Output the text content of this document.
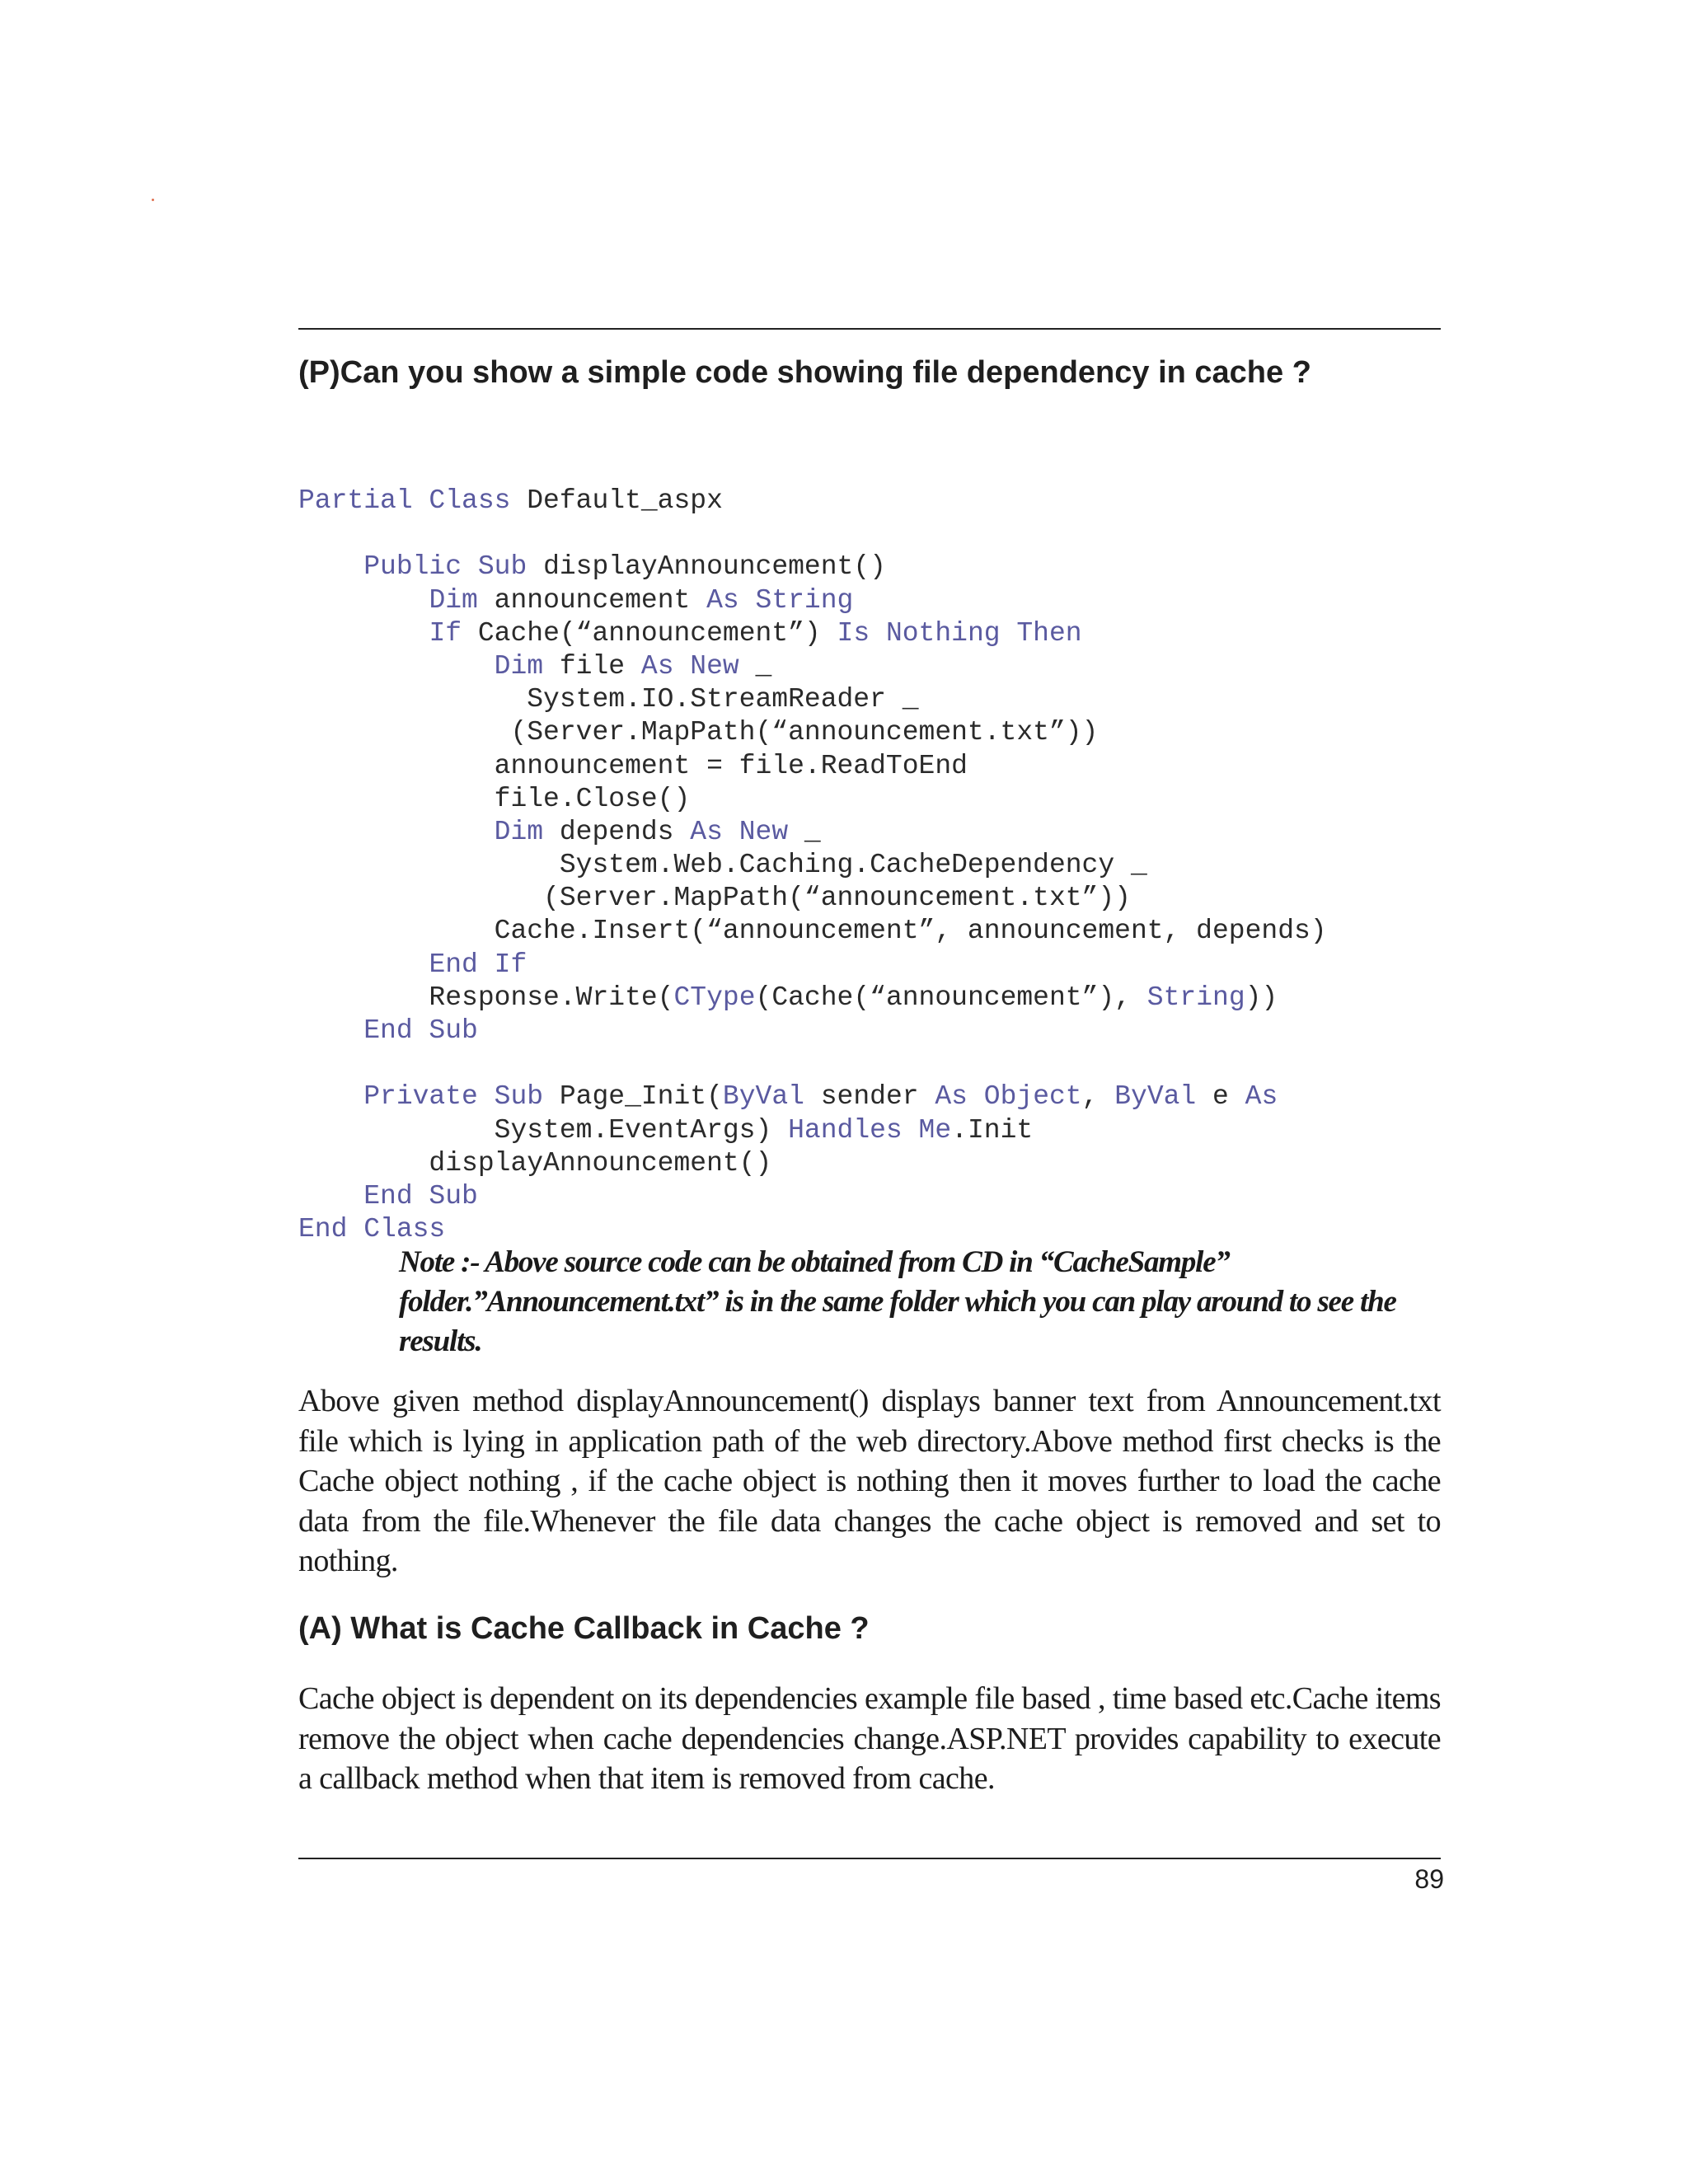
(P)Can you show a simple code showing file dependency in cache ?
Partial Class Default_aspx
Public Sub displayAnnouncement()
Dim announcement As String
If Cache(“announcement”) Is Nothing Then
Dim file As New _
System.IO.StreamReader _
(Server.MapPath(“announcement.txt”))
announcement = file.ReadToEnd
file.Close()
Dim depends As New _
System.Web.Caching.CacheDependency _
(Server.MapPath(“announcement.txt”))
Cache.Insert(“announcement”, announcement, depends)
End If
Response.Write(CType(Cache(“announcement”), String))
End Sub
Private Sub Page_Init(ByVal sender As Object, ByVal e As
System.EventArgs) Handles Me.Init
displayAnnouncement()
End Sub
End Class
Note :- Above source code can be obtained from CD in “CacheSample” folder.”Announcement.txt” is in the same folder which you can play around to see the results.
Above given method displayAnnouncement() displays banner text from Announcement.txt file which is lying in application path of the web directory.Above method first checks is the Cache object nothing , if the cache object is nothing then it moves further to load the cache data from the file.Whenever the file data changes the cache object is removed and set to nothing.
(A) What is Cache Callback in Cache ?
Cache object is dependent on its dependencies example file based , time based etc.Cache items remove the object when cache dependencies change.ASP.NET provides capability to execute a callback method when that item is removed from cache.
89
